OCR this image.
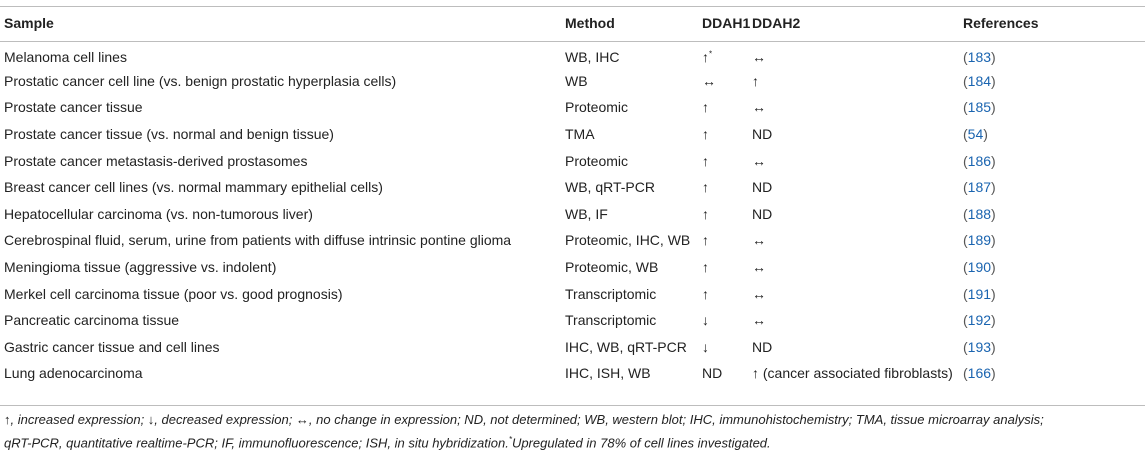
Sample	Method	DDAH1	DDAH2	References
Melanoma cell lines	WB, IHC	↑*	↔	(183)
Prostatic cancer cell line (vs. benign prostatic hyperplasia cells)	WB	↔	↑	(184)
Prostate cancer tissue	Proteomic	↑	↔	(185)
Prostate cancer tissue (vs. normal and benign tissue)	TMA	↑	ND	(54)
Prostate cancer metastasis-derived prostasomes	Proteomic	↑	↔	(186)
Breast cancer cell lines (vs. normal mammary epithelial cells)	WB, qRT-PCR	↑	ND	(187)
Hepatocellular carcinoma (vs. non-tumorous liver)	WB, IF	↑	ND	(188)
Cerebrospinal fluid, serum, urine from patients with diffuse intrinsic pontine glioma	Proteomic, IHC, WB	↑	↔	(189)
Meningioma tissue (aggressive vs. indolent)	Proteomic, WB	↑	↔	(190)
Merkel cell carcinoma tissue (poor vs. good prognosis)	Transcriptomic	↑	↔	(191)
Pancreatic carcinoma tissue	Transcriptomic	↓	↔	(192)
Gastric cancer tissue and cell lines	IHC, WB, qRT-PCR	↓	ND	(193)
Lung adenocarcinoma	IHC, ISH, WB	ND	↑ (cancer associated fibroblasts)	(166)
↑, increased expression; ↓, decreased expression; ↔, no change in expression; ND, not determined; WB, western blot; IHC, immunohistochemistry; TMA, tissue microarray analysis;
qRT-PCR, quantitative realtime-PCR; IF, immunofluorescence; ISH, in situ hybridization.*Upregulated in 78% of cell lines investigated.
